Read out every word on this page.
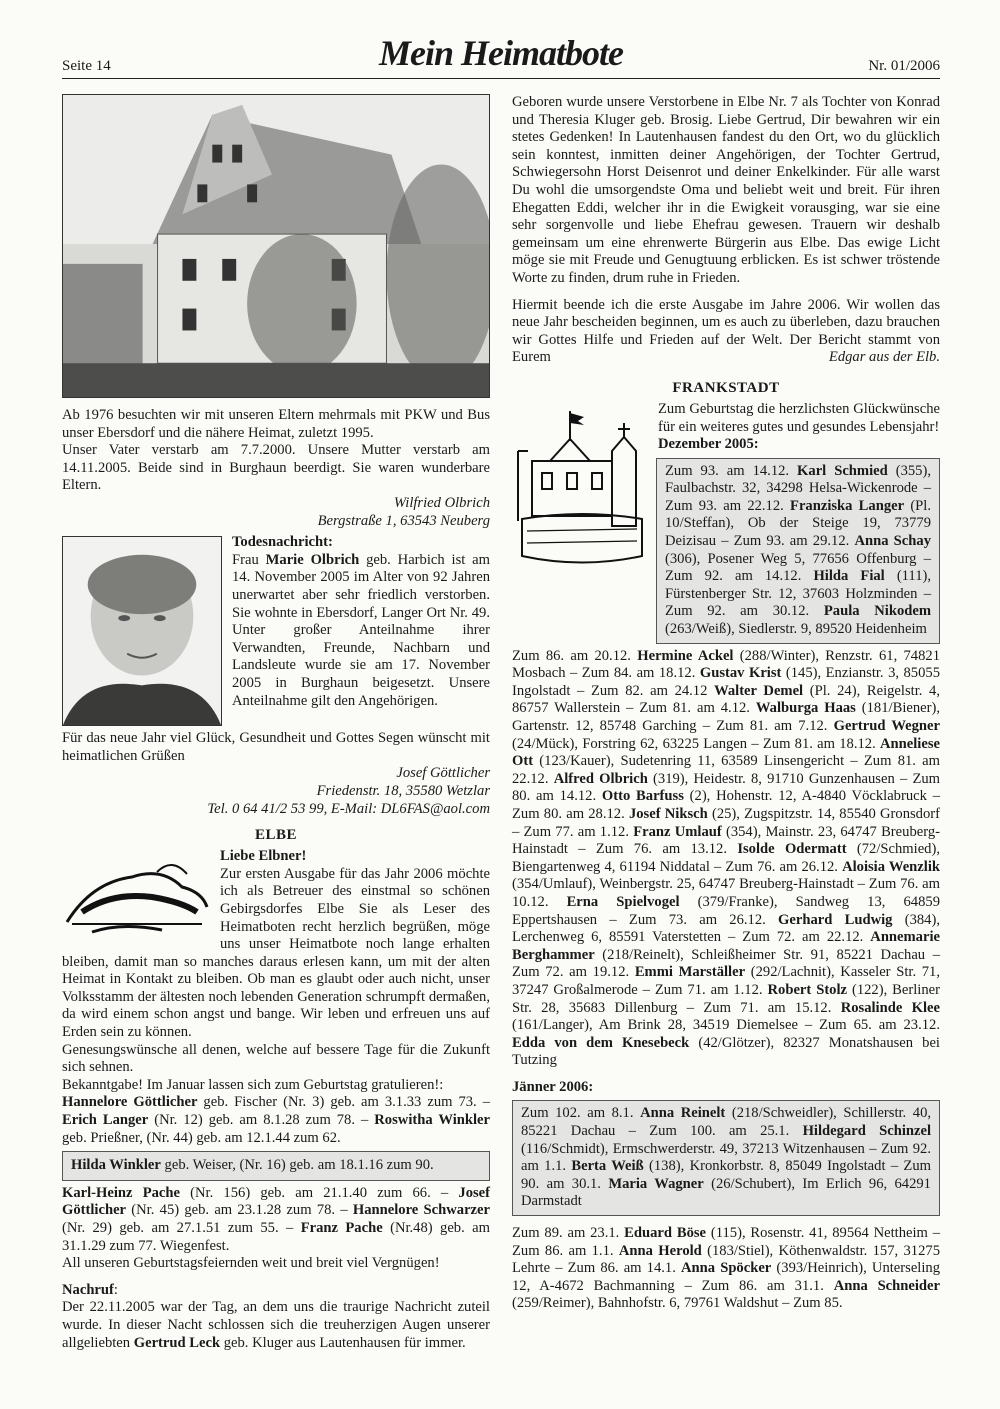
Seite 14	Mein Heimatbote	Nr. 01/2006

Ab 1976 besuchten wir mit unseren Eltern mehrmals mit PKW und Bus unser Ebersdorf und die nähere Heimat, zuletzt 1995.

Unser Vater verstarb am 7.7.2000. Unsere Mutter verstarb am 14.11.2005. Beide sind in Burghaun beerdigt. Sie waren wunderbare Eltern.

Wilfried Olbrich

Bergstraße 1, 63543 Neuberg

Todesnachricht:

Frau Marie Olbrich geb. Harbich ist am 14. November 2005 im Alter von 92 Jahren unerwartet aber sehr friedlich verstorben. Sie wohnte in Ebersdorf, Langer Ort Nr. 49. Unter großer Anteilnahme ihrer Verwandten, Freunde, Nachbarn und Landsleute wurde sie am 17. November 2005 in Burghaun beigesetzt. Unsere Anteilnahme gilt den Angehörigen.

Für das neue Jahr viel Glück, Gesundheit und Gottes Segen wünscht mit heimatlichen Grüßen

Josef Göttlicher

Friedenstr. 18, 35580 Wetzlar

Tel. 0 64 41/2 53 99, E-Mail: DL6FAS@aol.com

ELBE

Liebe Elbner!

Zur ersten Ausgabe für das Jahr 2006 möchte ich als Betreuer des einstmal so schönen Gebirgsdorfes Elbe Sie als Leser des Heimatboten recht herzlich begrüßen, möge uns unser Heimatbote noch lange erhalten bleiben, damit man so manches daraus erlesen kann, um mit der alten Heimat in Kontakt zu bleiben. Ob man es glaubt oder auch nicht, unser Volksstamm der ältesten noch lebenden Generation schrumpft dermaßen, da wird einem schon angst und bange. Wir leben und erfreuen uns auf Erden sein zu können.

Genesungswünsche all denen, welche auf bessere Tage für die Zukunft sich sehnen.

Bekanntgabe! Im Januar lassen sich zum Geburtstag gratulieren!:

Hannelore Göttlicher geb. Fischer (Nr. 3) geb. am 3.1.33 zum 73. – Erich Langer (Nr. 12) geb. am 8.1.28 zum 78. – Roswitha Winkler geb. Prießner, (Nr. 44) geb. am 12.1.44 zum 62.

Hilda Winkler geb. Weiser, (Nr. 16) geb. am 18.1.16 zum 90.

Karl-Heinz Pache (Nr. 156) geb. am 21.1.40 zum 66. – Josef Göttlicher (Nr. 45) geb. am 23.1.28 zum 78. – Hannelore Schwarzer (Nr. 29) geb. am 27.1.51 zum 55. – Franz Pache (Nr.48) geb. am 31.1.29 zum 77. Wiegenfest.

All unseren Geburtstagsfeiernden weit und breit viel Vergnügen!

Nachruf:

Der 22.11.2005 war der Tag, an dem uns die traurige Nachricht zuteil wurde. In dieser Nacht schlossen sich die treuherzigen Augen unserer allgeliebten Gertrud Leck geb. Kluger aus Lautenhausen für immer.

Geboren wurde unsere Verstorbene in Elbe Nr. 7 als Tochter von Konrad und Theresia Kluger geb. Brosig. Liebe Gertrud, Dir bewahren wir ein stetes Gedenken! In Lautenhausen fandest du den Ort, wo du glücklich sein konntest, inmitten deiner Angehörigen, der Tochter Gertrud, Schwiegersohn Horst Deisenrot und deiner Enkelkinder. Für alle warst Du wohl die umsorgendste Oma und beliebt weit und breit. Für ihren Ehegatten Eddi, welcher ihr in die Ewigkeit vorausging, war sie eine sehr sorgenvolle und liebe Ehefrau gewesen. Trauern wir deshalb gemeinsam um eine ehrenwerte Bürgerin aus Elbe. Das ewige Licht möge sie mit Freude und Genugtuung erblicken. Es ist schwer tröstende Worte zu finden, drum ruhe in Frieden.

Hiermit beende ich die erste Ausgabe im Jahre 2006. Wir wollen das neue Jahr bescheiden beginnen, um es auch zu überleben, dazu brauchen wir Gottes Hilfe und Frieden auf der Welt. Der Bericht stammt von Eurem	Edgar aus der Elb.

FRANKSTADT

Zum Geburtstag die herzlichsten Glückwünsche für ein weiteres gutes und gesundes Lebensjahr!

Dezember 2005:

Zum 93. am 14.12. Karl Schmied (355), Faulbachstr. 32, 34298 Helsa-Wickenrode – Zum 93. am 22.12. Franziska Langer (Pl. 10/Steffan), Ob der Steige 19, 73779 Deizisau – Zum 93. am 29.12. Anna Schay (306), Posener Weg 5, 77656 Offenburg – Zum 92. am 14.12. Hilda Fial (111), Fürstenberger Str. 12, 37603 Holzminden – Zum 92. am 30.12. Paula Nikodem (263/Weiß), Siedlerstr. 9, 89520 Heidenheim

Zum 86. am 20.12. Hermine Ackel (288/Winter), Renzstr. 61, 74821 Mosbach – Zum 84. am 18.12. Gustav Krist (145), Enzianstr. 3, 85055 Ingolstadt – Zum 82. am 24.12 Walter Demel (Pl. 24), Reigelstr. 4, 86757 Wallerstein – Zum 81. am 4.12. Walburga Haas (181/Biener), Gartenstr. 12, 85748 Garching – Zum 81. am 7.12. Gertrud Wegner (24/Mück), Forstring 62, 63225 Langen – Zum 81. am 18.12. Anneliese Ott (123/Kauer), Sudetenring 11, 63589 Linsengericht – Zum 81. am 22.12. Alfred Olbrich (319), Heidestr. 8, 91710 Gunzenhausen – Zum 80. am 14.12. Otto Barfuss (2), Hohenstr. 12, A-4840 Vöcklabruck – Zum 80. am 28.12. Josef Niksch (25), Zugspitzstr. 14, 85540 Gronsdorf – Zum 77. am 1.12. Franz Umlauf (354), Mainstr. 23, 64747 Breuberg-Hainstadt – Zum 76. am 13.12. Isolde Odermatt (72/Schmied), Biengartenweg 4, 61194 Niddatal – Zum 76. am 26.12. Aloisia Wenzlik (354/Umlauf), Weinbergstr. 25, 64747 Breuberg-Hainstadt – Zum 76. am 10.12. Erna Spielvogel (379/Franke), Sandweg 13, 64859 Eppertshausen – Zum 73. am 26.12. Gerhard Ludwig (384), Lerchenweg 6, 85591 Vaterstetten – Zum 72. am 22.12. Annemarie Berghammer (218/Reinelt), Schleißheimer Str. 91, 85221 Dachau – Zum 72. am 19.12. Emmi Marställer (292/Lachnit), Kasseler Str. 71, 37247 Großalmerode – Zum 71. am 1.12. Robert Stolz (122), Berliner Str. 28, 35683 Dillenburg – Zum 71. am 15.12. Rosalinde Klee (161/Langer), Am Brink 28, 34519 Diemelsee – Zum 65. am 23.12. Edda von dem Knesebeck (42/Glötzer), 82327 Monatshausen bei Tutzing

Jänner 2006:

Zum 102. am 8.1. Anna Reinelt (218/Schweidler), Schillerstr. 40, 85221 Dachau – Zum 100. am 25.1. Hildegard Schinzel (116/Schmidt), Ermschwerderstr. 49, 37213 Witzenhausen – Zum 92. am 1.1. Berta Weiß (138), Kronkorbstr. 8, 85049 Ingolstadt – Zum 90. am 30.1. Maria Wagner (26/Schubert), Im Erlich 96, 64291 Darmstadt

Zum 89. am 23.1. Eduard Böse (115), Rosenstr. 41, 89564 Nettheim – Zum 86. am 1.1. Anna Herold (183/Stiel), Köthenwaldstr. 157, 31275 Lehrte – Zum 86. am 14.1. Anna Spöcker (393/Heinrich), Unterseling 12, A-4672 Bachmanning – Zum 86. am 31.1. Anna Schneider (259/Reimer), Bahnhofstr. 6, 79761 Waldshut – Zum 85.
